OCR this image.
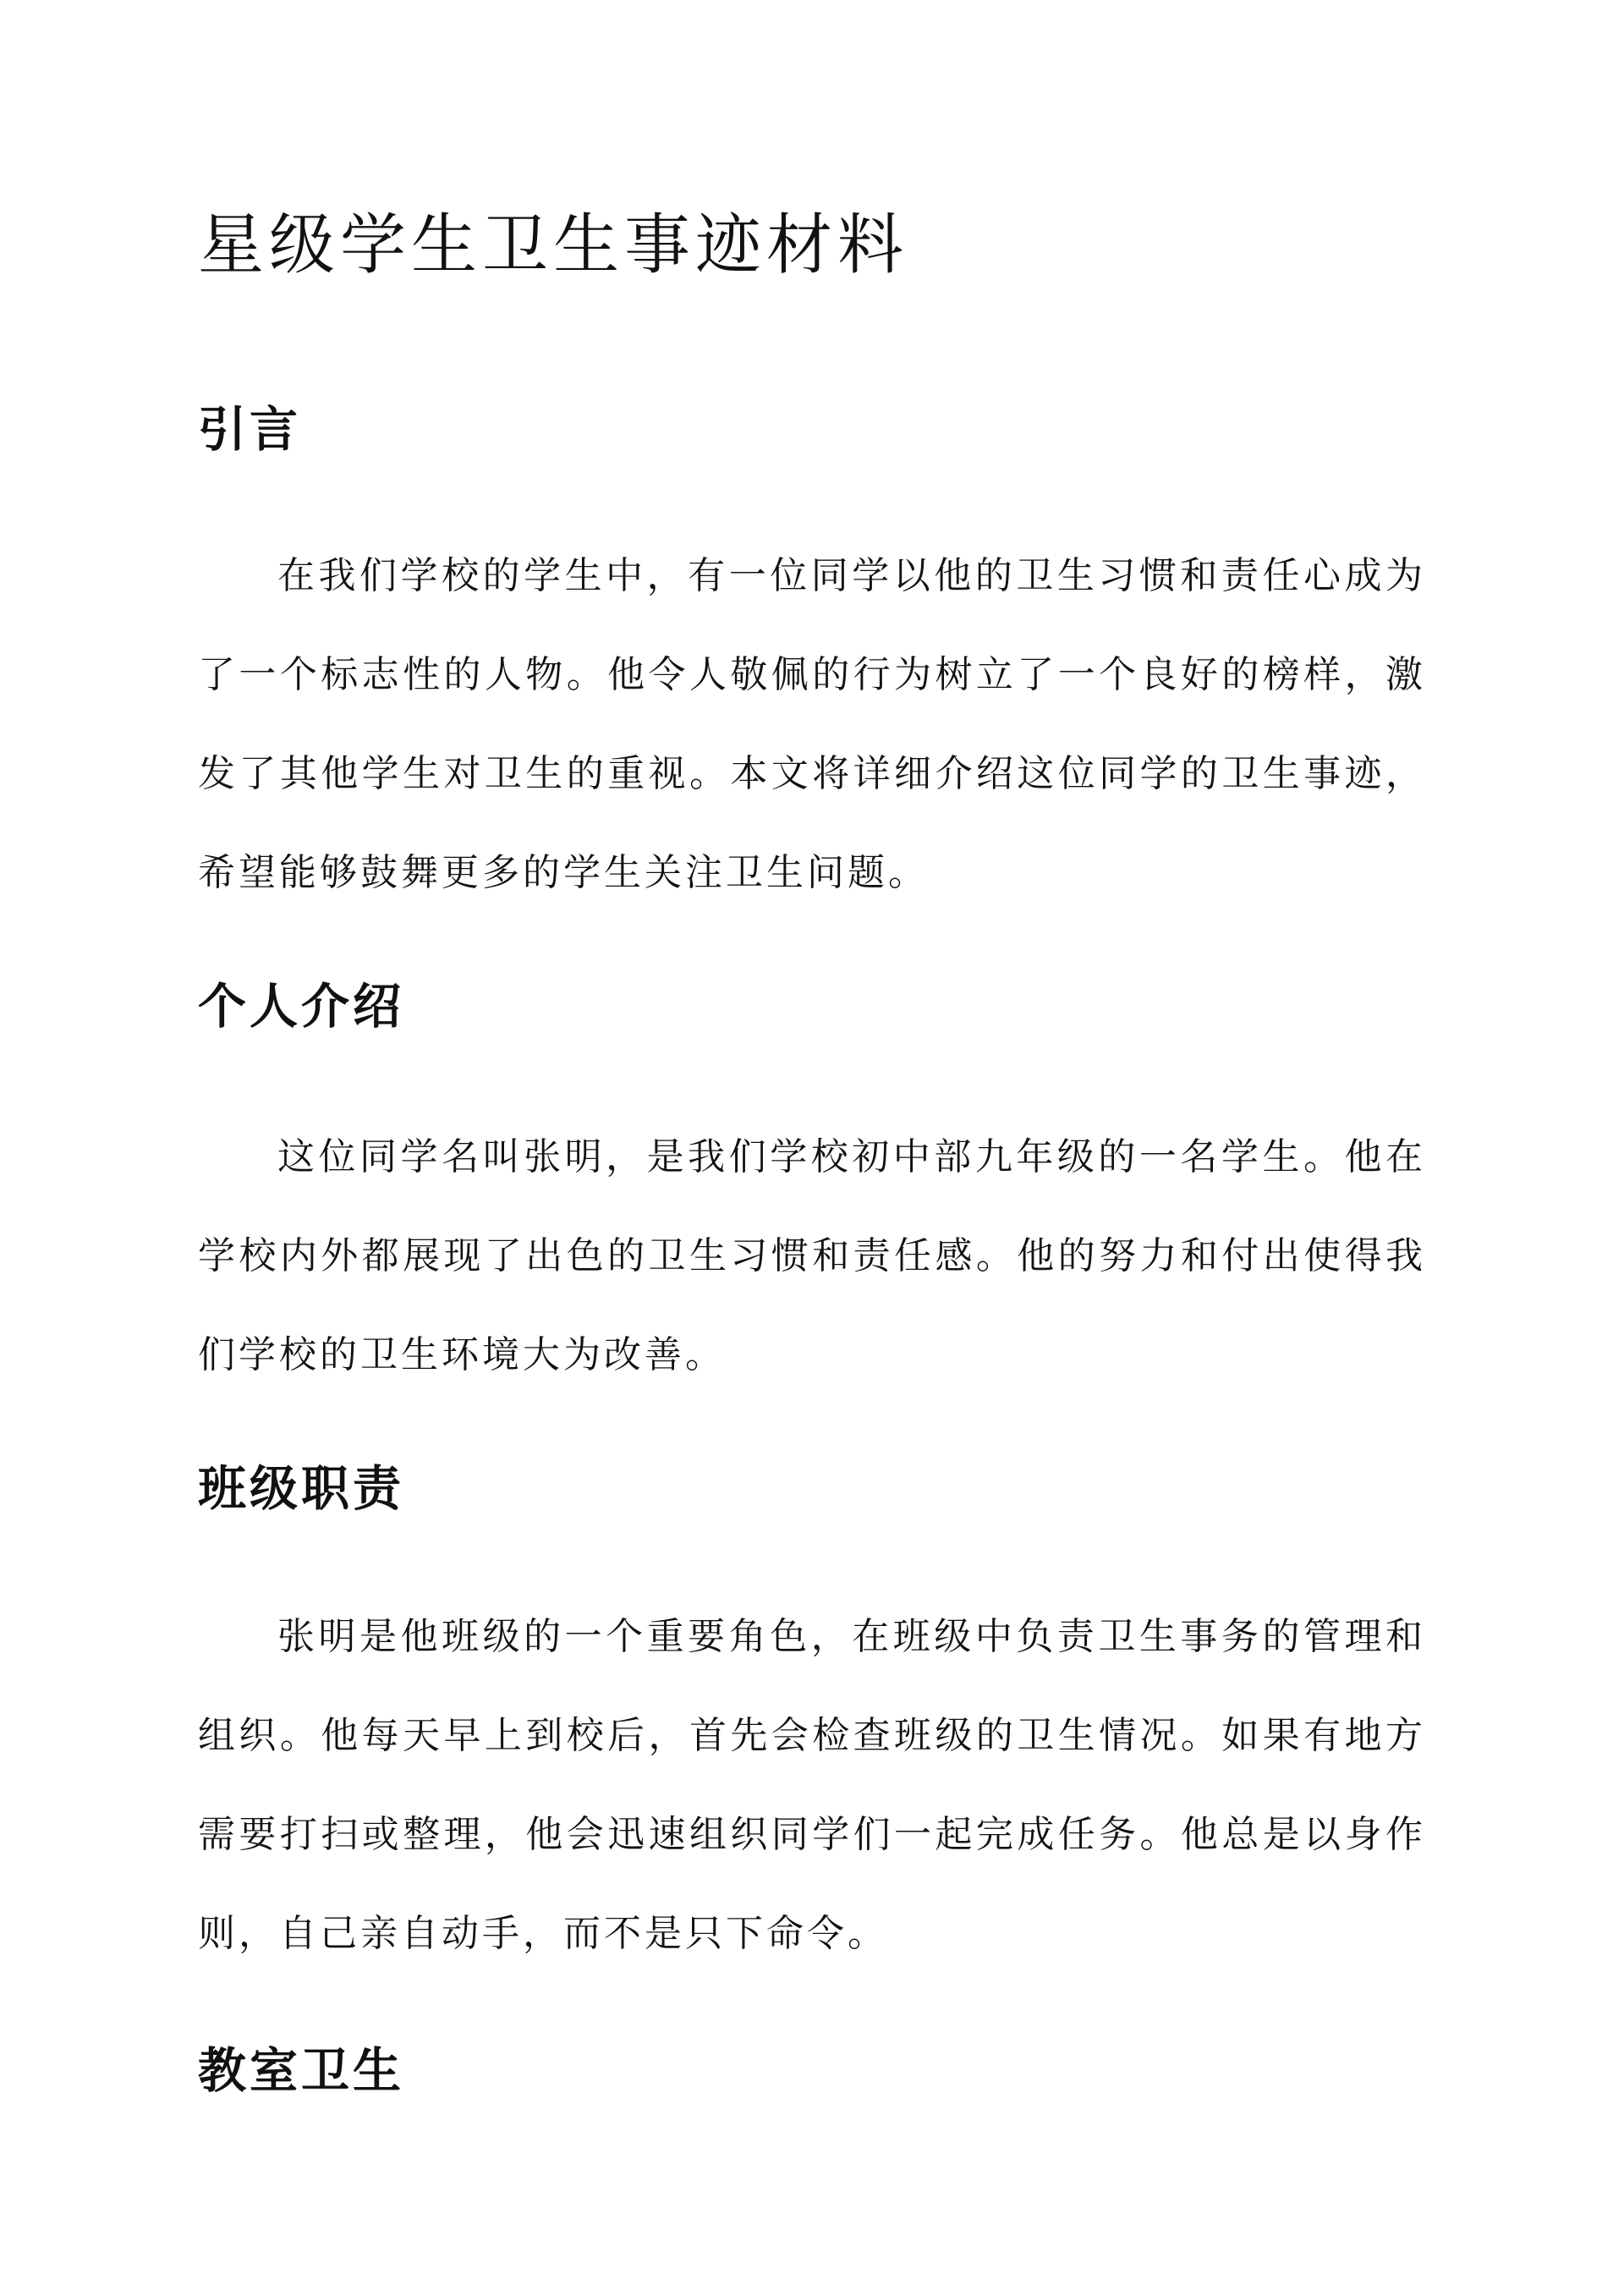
星级学生卫生事迹材料
引言

在我们学校的学生中，有一位同学以他的卫生习惯和责任心成为了一个标志性的人物。他令人敬佩的行为树立了一个良好的榜样，激发了其他学生对卫生的重视。本文将详细介绍这位同学的卫生事迹，希望能够鼓舞更多的学生关注卫生问题。

个人介绍

这位同学名叫张明，是我们学校初中部九年级的一名学生。他在学校内外都展现了出色的卫生习惯和责任感。他的努力和付出使得我们学校的卫生环境大为改善。

班级职责

张明是他班级的一个重要角色，在班级中负责卫生事务的管理和组织。他每天早上到校后，首先会检查班级的卫生情况。如果有地方需要打扫或整理，他会迅速组织同学们一起完成任务。他总是以身作则，自己亲自动手，而不是只下命令。

教室卫生
